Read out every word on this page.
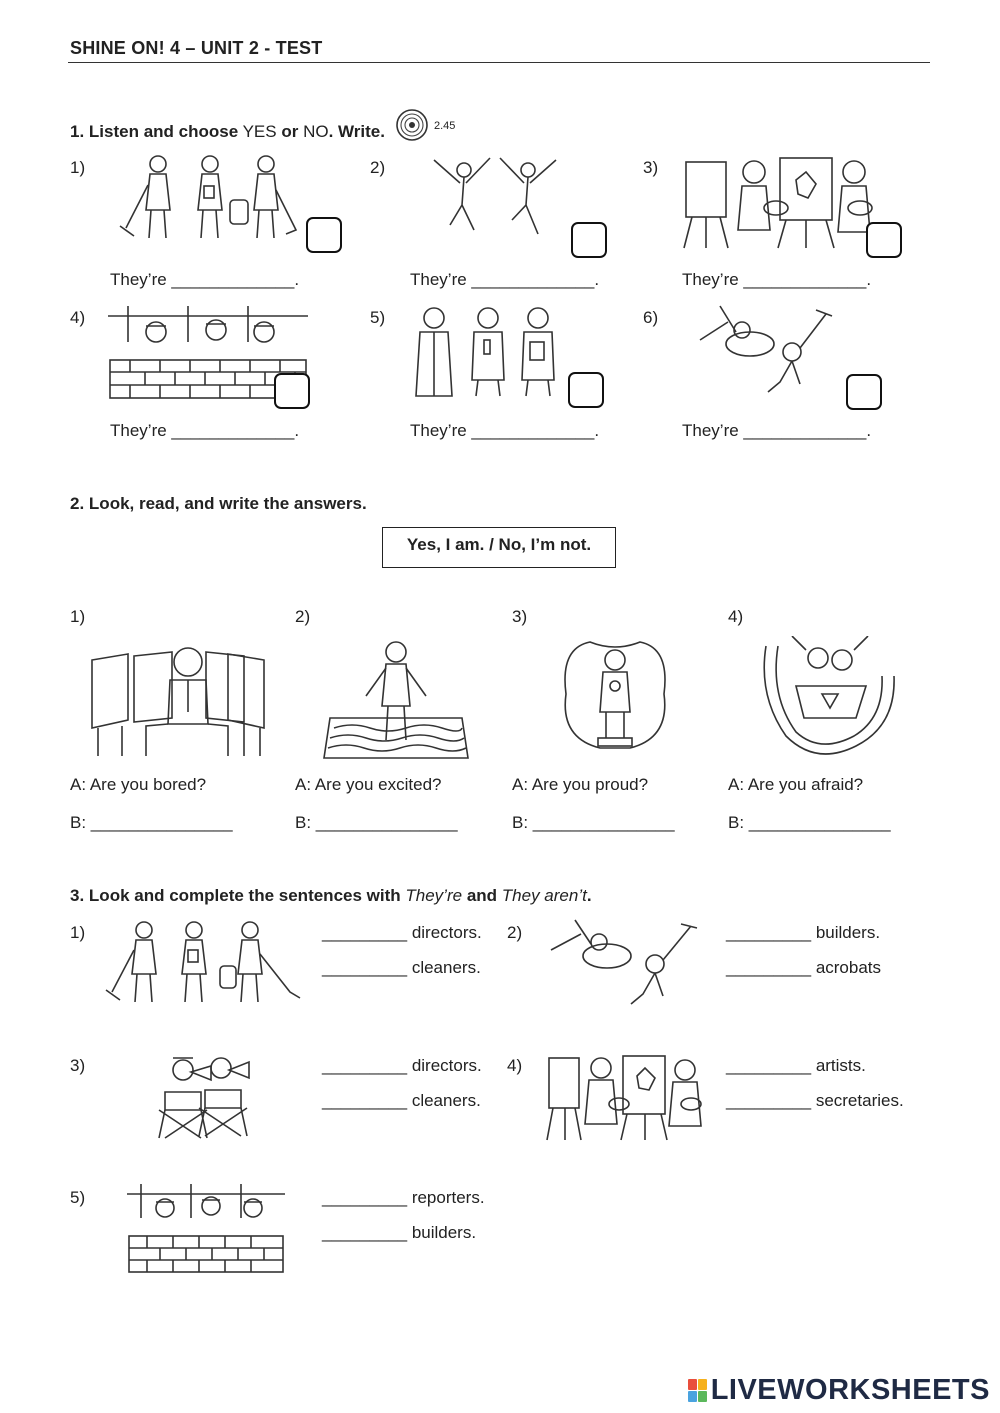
SHINE ON! 4 – UNIT 2 - TEST
1. Listen and choose YES or NO. Write.	2.45
1)	2)	3)
They’re _____________.	They’re _____________.	They’re _____________.
4)	5)	6)
They’re _____________.	They’re _____________.	They’re _____________.
2. Look, read, and write the answers.
Yes, I am. / No, I’m not.
1)	2)	3)	4)
A: Are you bored?	A: Are you excited?	A: Are you proud?	A: Are you afraid?
B: _______________	B: _______________	B: _______________	B: _______________
3. Look and complete the sentences with They’re and They aren’t.
1)	_________ directors.
_________ cleaners.
2)	_________ builders.
_________ acrobats
3)	_________ directors.
_________ cleaners.
4)	_________ artists.
_________ secretaries.
5)	_________ reporters.
_________ builders.
LIVEWORKSHEETS
